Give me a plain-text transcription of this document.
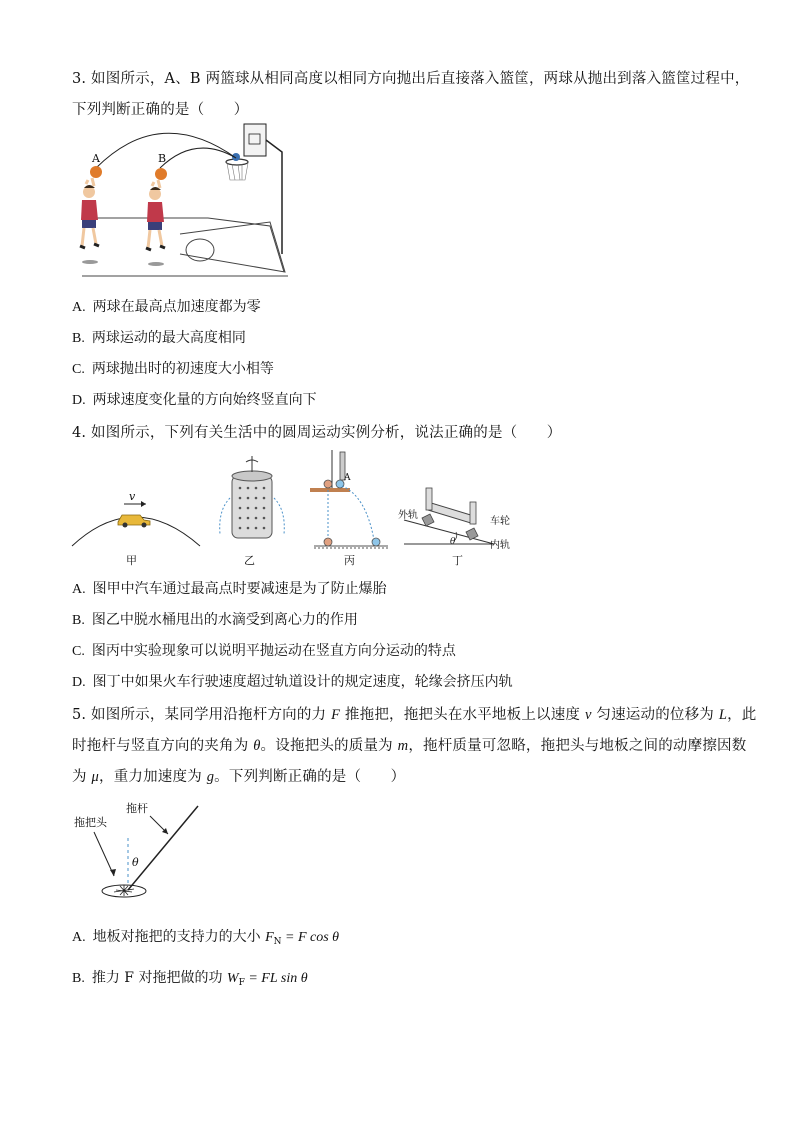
3. 如图所示，A、B 两篮球从相同高度以相同方向抛出后直接落入篮筐，两球从抛出到落入篮筐过程中，
下列判断正确的是（　　）
A	B
A. 两球在最高点加速度都为零
B. 两球运动的最大高度相同
C. 两球抛出时的初速度大小相等
D. 两球速度变化量的方向始终竖直向下
4. 如图所示，下列有关生活中的圆周运动实例分析，说法正确的是（　　）
v
甲	乙
A
丙
θ
外轨
车轮
内轨
丁
A. 图甲中汽车通过最高点时要减速是为了防止爆胎
B. 图乙中脱水桶甩出的水滴受到离心力的作用
C. 图丙中实验现象可以说明平抛运动在竖直方向分运动的特点
D. 图丁中如果火车行驶速度超过轨道设计的规定速度，轮缘会挤压内轨
5. 如图所示，某同学用沿拖杆方向的力 F 推拖把，拖把头在水平地板上以速度 v 匀速运动的位移为 L，此
时拖杆与竖直方向的夹角为 θ。设拖把头的质量为 m，拖杆质量可忽略，拖把头与地板之间的动摩擦因数
为 μ，重力加速度为 g。下列判断正确的是（　　）
拖杆
拖把头
θ
A. 地板对拖把的支持力的大小 $F_N = F$ cos θ
B. 推力 F 对拖把做的功 $W_F$ = FL sin θ
